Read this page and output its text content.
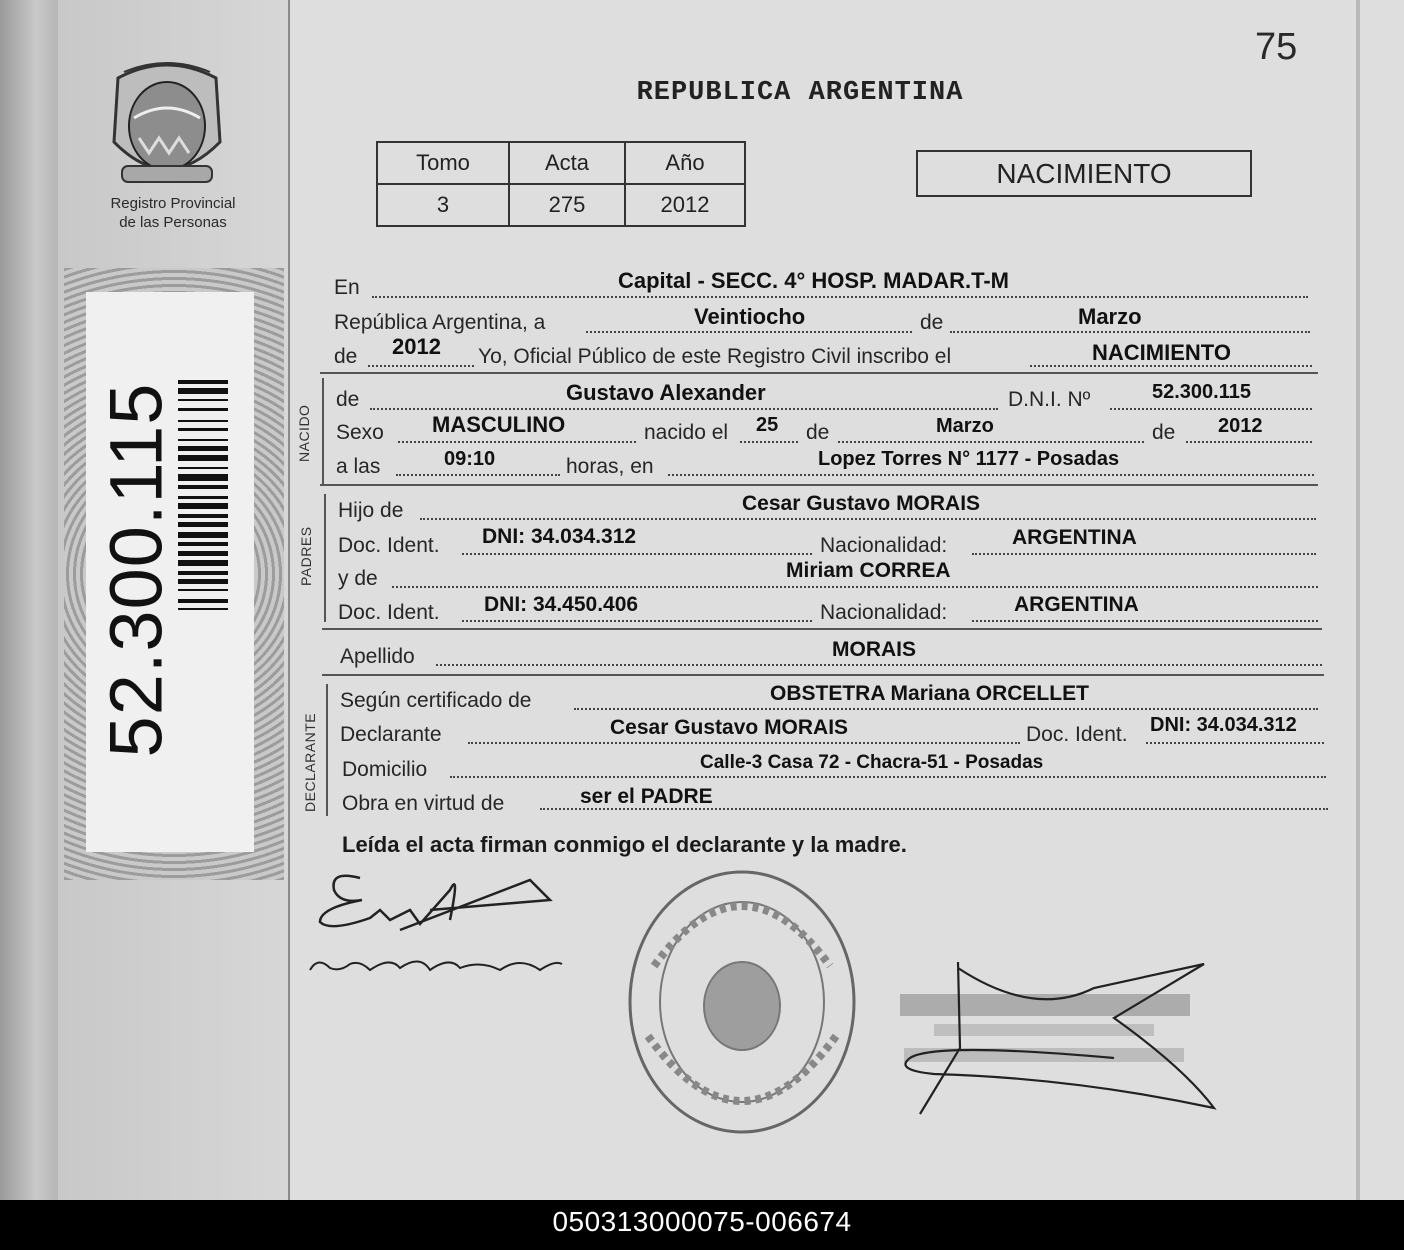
Registro Provincial
de las Personas
52.300.115
75
REPUBLICA ARGENTINA
Tomo	Acta	Año
3	275	2012
NACIMIENTO
En	Capital - SECC. 4° HOSP. MADAR.T-M
República Argentina, a	Veintiocho	de	Marzo
de 2012 Yo, Oficial Público de este Registro Civil inscribo el	NACIMIENTO
NACIDO
de	Gustavo Alexander	D.N.I. Nº	52.300.115
Sexo MASCULINO	nacido el 25 de	Marzo	de 2012
a las	09:10	horas, en	Lopez Torres N° 1177 - Posadas
PADRES
Hijo de	Cesar Gustavo MORAIS
Doc. Ident. DNI: 34.034.312	Nacionalidad:	ARGENTINA
y de	Miriam CORREA
Doc. Ident. DNI: 34.450.406	Nacionalidad:	ARGENTINA
Apellido	MORAIS
DECLARANTE
Según certificado de	OBSTETRA Mariana ORCELLET
Declarante	Cesar Gustavo MORAIS	Doc. Ident. DNI: 34.034.312
Domicilio	Calle-3 Casa 72 - Chacra-51 - Posadas
Obra en virtud de	ser el PADRE
Leída el acta firman conmigo el declarante y la madre.
050313000075-006674
